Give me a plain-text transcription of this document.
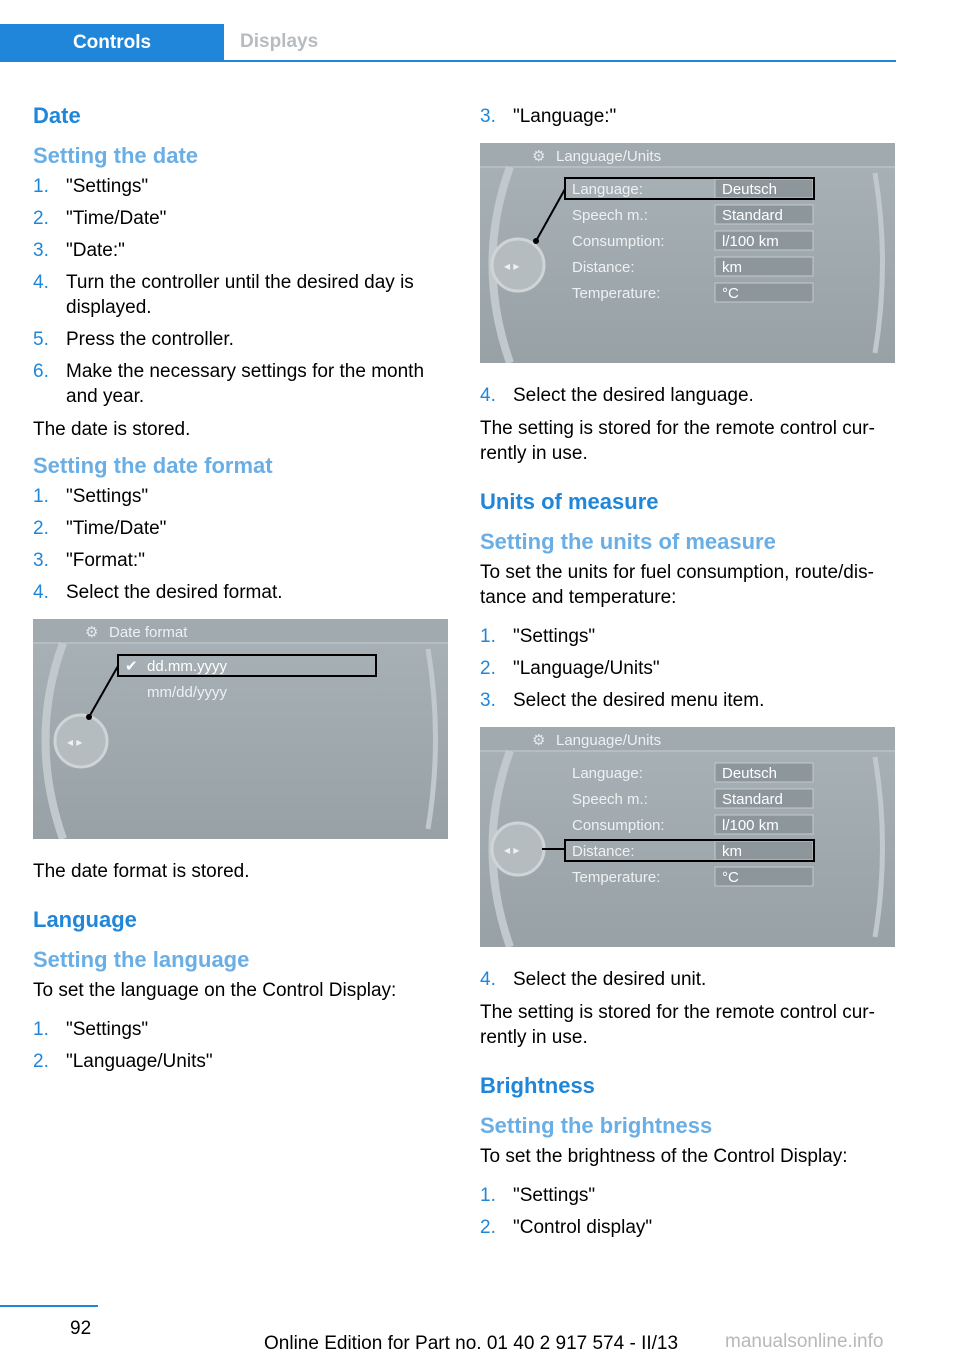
Controls	Displays
Date
Setting the date
1. "Settings"
2. "Time/Date"
3. "Date:"
4. Turn the controller until the desired day is displayed.
5. Press the controller.
6. Make the necessary settings for the month and year.

The date is stored.

Setting the date format
1. "Settings"
2. "Time/Date"
3. "Format:"
4. Select the desired format.
⚙ Date format
◂ ▸
✔ dd.mm.yyyy
mm/dd/yyyy

The date format is stored.

Language
Setting the language

To set the language on the Control Display:

1. "Settings"
2. "Language/Units"
3. "Language:"
⚙ Language/Units
◂ ▸
Language:
Speech m.:
Consumption:
Distance:
Temperature:
Deutsch
Standard
l/100 km
km
°C
4. Select the desired language.

The setting is stored for the remote control currently in use.

Units of measure
Setting the units of measure

To set the units for fuel consumption, route/distance and temperature:

1. "Settings"
2. "Language/Units"
3. Select the desired menu item.
⚙ Language/Units
◂ ▸
Language:
Speech m.:
Consumption:
Distance:
Temperature:
Deutsch
Standard
l/100 km
km
°C
4. Select the desired unit.

The setting is stored for the remote control currently in use.

Brightness
Setting the brightness

To set the brightness of the Control Display:

1. "Settings"
2. "Control display"
92
Online Edition for Part no. 01 40 2 917 574 - II/13 manualsonline.info
